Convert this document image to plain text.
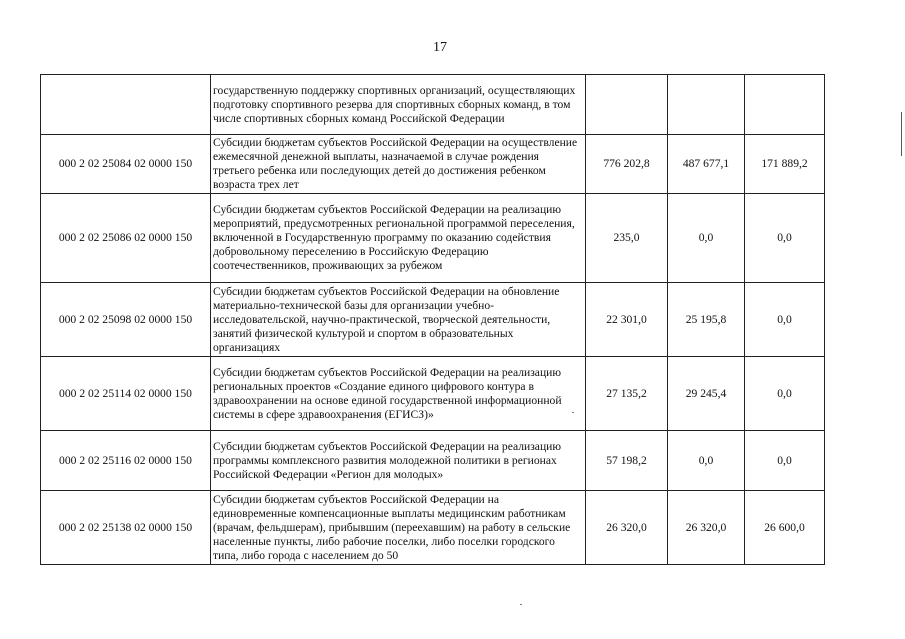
17
	государственную поддержку спортивных организаций, осуществляющих подготовку спортивного резерва для спортивных сборных команд, в том числе спортивных сборных команд Российской Федерации			
000 2 02 25084 02 0000 150	Субсидии бюджетам субъектов Российской Федерации на осуществление ежемесячной денежной выплаты, назначаемой в случае рождения третьего ребенка или последующих детей до достижения ребенком возраста трех лет	776 202,8	487 677,1	171 889,2
000 2 02 25086 02 0000 150	Субсидии бюджетам субъектов Российской Федерации на реализацию мероприятий, предусмотренных региональной программой переселения, включенной в Государственную программу по оказанию содействия добровольному переселению в Российскую Федерацию соотечественников, проживающих за рубежом	235,0	0,0	0,0
000 2 02 25098 02 0000 150	Субсидии бюджетам субъектов Российской Федерации на обновление материально-технической базы для организации учебно-исследовательской, научно-практической, творческой деятельности, занятий физической культурой и спортом в образовательных организациях	22 301,0	25 195,8	0,0
000 2 02 25114 02 0000 150	Субсидии бюджетам субъектов Российской Федерации на реализацию региональных проектов «Создание единого цифрового контура в здравоохранении на основе единой государственной информационной системы в сфере здравоохранения (ЕГИСЗ)»	27 135,2	29 245,4	0,0
000 2 02 25116 02 0000 150	Субсидии бюджетам субъектов Российской Федерации на реализацию программы комплексного развития молодежной политики в регионах Российской Федерации «Регион для молодых»	57 198,2	0,0	0,0
000 2 02 25138 02 0000 150	Субсидии бюджетам субъектов Российской Федерации на единовременные компенсационные выплаты медицинским работникам (врачам, фельдшерам), прибывшим (переехавшим) на работу в сельские населенные пункты, либо рабочие поселки, либо поселки городского типа, либо города с населением до 50	26 320,0	26 320,0	26 600,0
